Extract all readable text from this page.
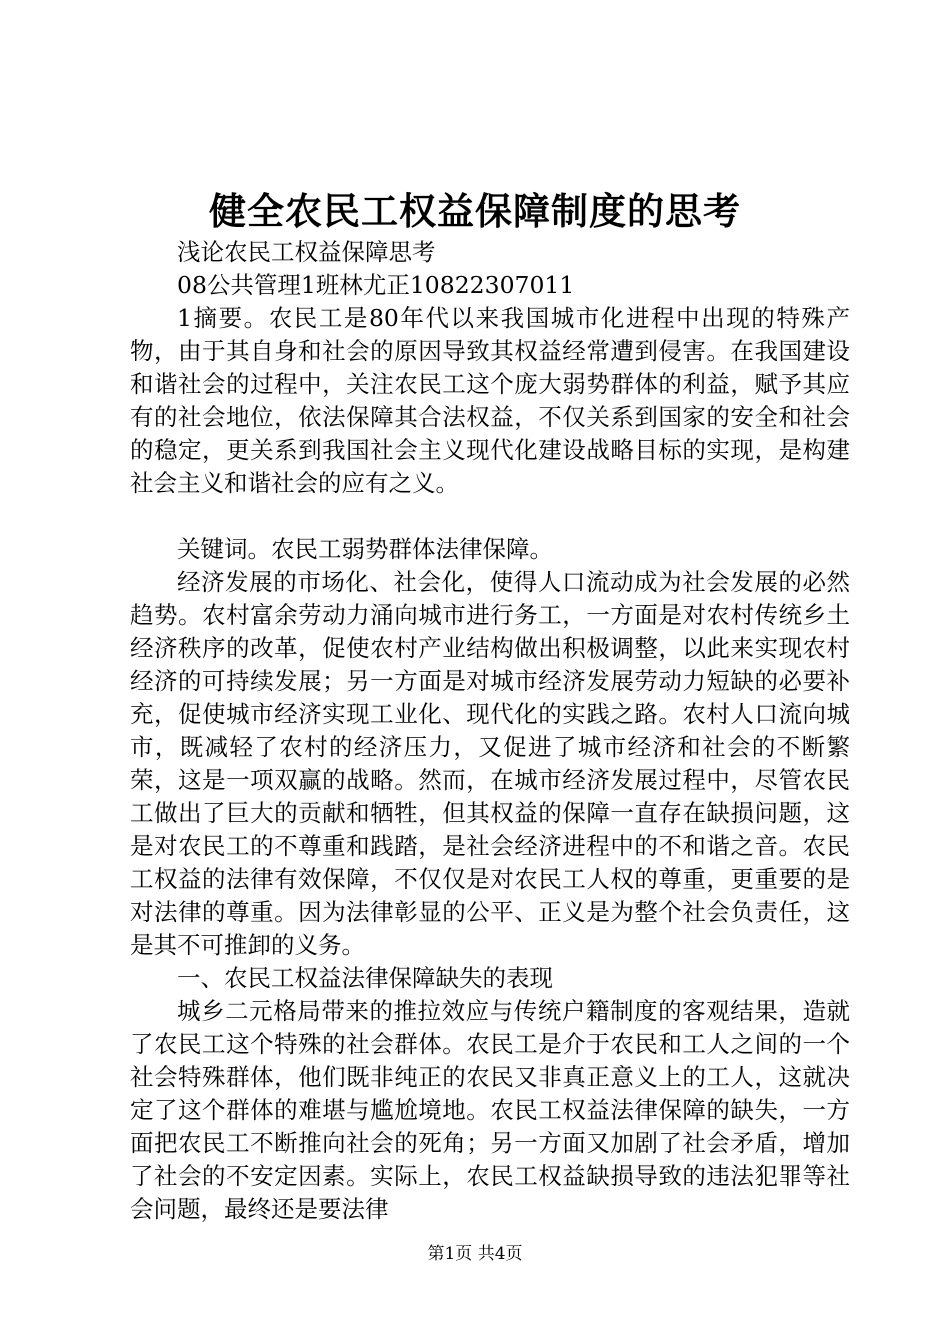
健全农民工权益保障制度的思考

浅论农民工权益保障思考

08公共管理1班林尤正10822307011

1摘要。农民工是80年代以来我国城市化进程中出现的特殊产物，由于其自身和社会的原因导致其权益经常遭到侵害。在我国建设和谐社会的过程中，关注农民工这个庞大弱势群体的利益，赋予其应有的社会地位，依法保障其合法权益，不仅关系到国家的安全和社会的稳定，更关系到我国社会主义现代化建设战略目标的实现，是构建社会主义和谐社会的应有之义。

关键词。农民工弱势群体法律保障。

经济发展的市场化、社会化，使得人口流动成为社会发展的必然趋势。农村富余劳动力涌向城市进行务工，一方面是对农村传统乡土经济秩序的改革，促使农村产业结构做出积极调整，以此来实现农村经济的可持续发展；另一方面是对城市经济发展劳动力短缺的必要补充，促使城市经济实现工业化、现代化的实践之路。农村人口流向城市，既减轻了农村的经济压力，又促进了城市经济和社会的不断繁荣，这是一项双赢的战略。然而，在城市经济发展过程中，尽管农民工做出了巨大的贡献和牺牲，但其权益的保障一直存在缺损问题，这是对农民工的不尊重和践踏，是社会经济进程中的不和谐之音。农民工权益的法律有效保障，不仅仅是对农民工人权的尊重，更重要的是对法律的尊重。因为法律彰显的公平、正义是为整个社会负责任，这是其不可推卸的义务。

一、农民工权益法律保障缺失的表现

城乡二元格局带来的推拉效应与传统户籍制度的客观结果，造就了农民工这个特殊的社会群体。农民工是介于农民和工人之间的一个社会特殊群体，他们既非纯正的农民又非真正意义上的工人，这就决定了这个群体的难堪与尴尬境地。农民工权益法律保障的缺失，一方面把农民工不断推向社会的死角；另一方面又加剧了社会矛盾，增加了社会的不安定因素。实际上，农民工权益缺损导致的违法犯罪等社会问题，最终还是要法律

第1页 共4页
